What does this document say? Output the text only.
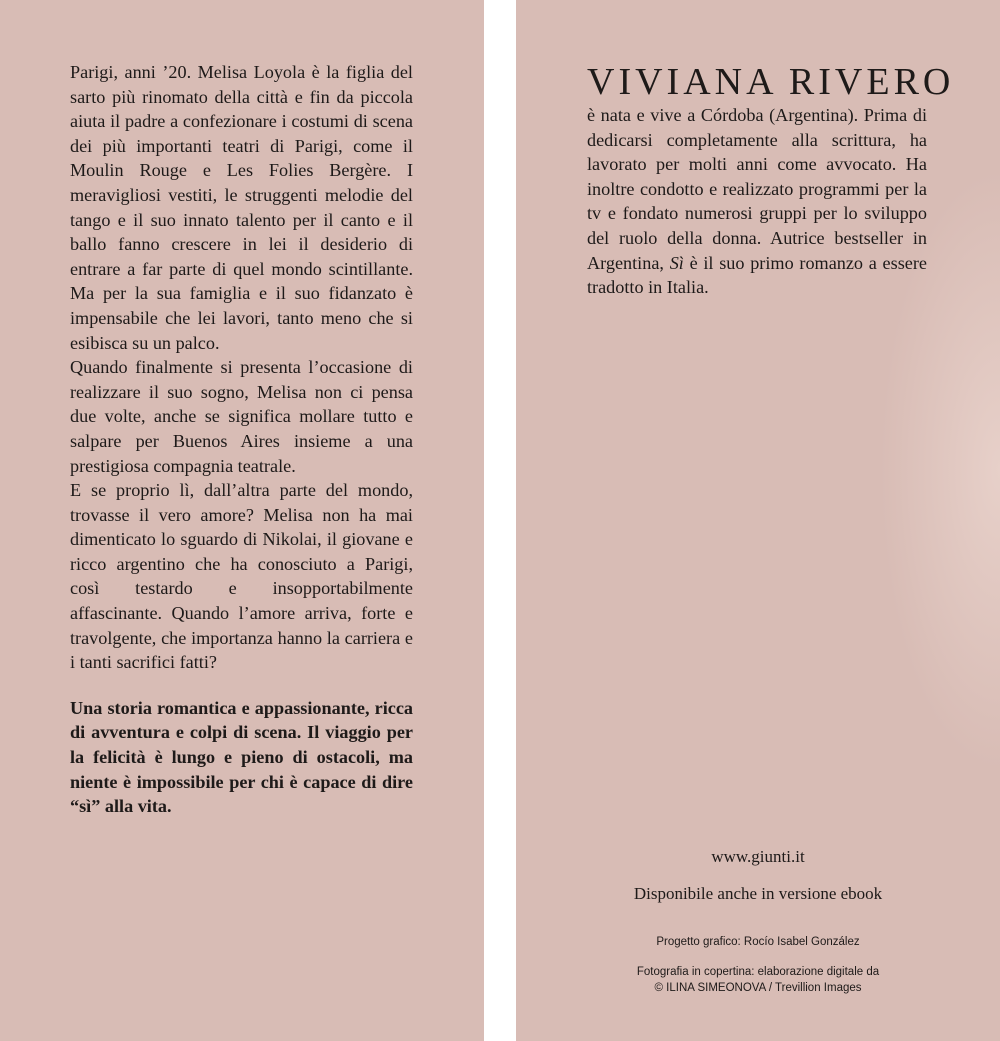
Parigi, anni ’20. Melisa Loyola è la figlia del sarto più rinomato della città e fin da piccola aiuta il padre a confezionare i costumi di scena dei più importanti teatri di Parigi, come il Moulin Rouge e Les Folies Bergère. I meravigliosi vestiti, le struggenti melodie del tango e il suo innato talento per il canto e il ballo fanno crescere in lei il desiderio di entrare a far parte di quel mondo scintillante. Ma per la sua famiglia e il suo fidanzato è impensabile che lei lavori, tanto meno che si esibisca su un palco.

Quando finalmente si presenta l’occasione di realizzare il suo sogno, Melisa non ci pensa due volte, anche se significa mollare tutto e salpare per Buenos Aires insieme a una prestigiosa compagnia teatrale.

E se proprio lì, dall’altra parte del mondo, trovasse il vero amore? Melisa non ha mai dimenticato lo sguardo di Nikolai, il giovane e ricco argentino che ha conosciuto a Parigi, così testardo e insopportabilmente affascinante. Quando l’amore arriva, forte e travolgente, che importanza hanno la carriera e i tanti sacrifici fatti?

Una storia romantica e appassionante, ricca di avventura e colpi di scena. Il viaggio per la felicità è lungo e pieno di ostacoli, ma niente è impossibile per chi è capace di dire “sì” alla vita.

VIVIANA RIVERO

è nata e vive a Córdoba (Argentina). Prima di dedicarsi completamente alla scrittura, ha lavorato per molti anni come avvocato. Ha inoltre condotto e realizzato programmi per la tv e fondato numerosi gruppi per lo sviluppo del ruolo della donna. Autrice bestseller in Argentina, Sì è il suo primo romanzo a essere tradotto in Italia.

www.giunti.it
Disponibile anche in versione ebook
Progetto grafico: Rocío Isabel González
Fotografia in copertina: elaborazione digitale da
© ILINA SIMEONOVA / Trevillion Images
